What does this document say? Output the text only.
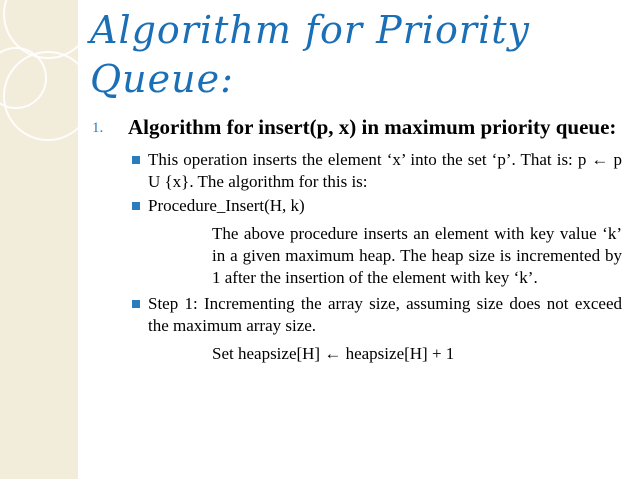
Algorithm for Priority Queue:
1. Algorithm for insert(p, x) in maximum priority queue:
This operation inserts the element ‘x’ into the set ‘p’. That is: p ← p U {x}. The algorithm for this is:
Procedure_Insert(H, k)
The above procedure inserts an element with key value ‘k’ in a given maximum heap. The heap size is incremented by 1 after the insertion of the element with key ‘k’.
Step 1: Incrementing the array size, assuming size does not exceed the maximum array size.
Set heapsize[H] ← heapsize[H] + 1
